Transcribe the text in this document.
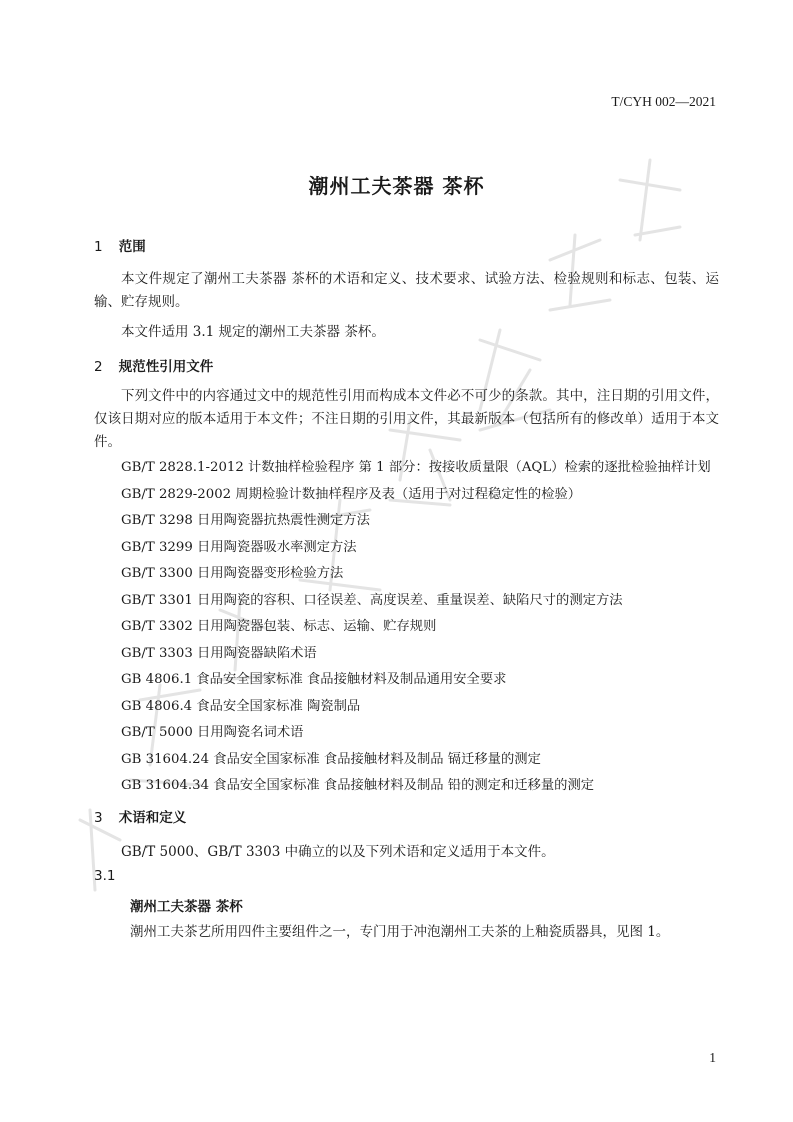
T/CYH 002—2021
潮州工夫茶器 茶杯
1 范围
本文件规定了潮州工夫茶器 茶杯的术语和定义、技术要求、试验方法、检验规则和标志、包装、运输、贮存规则。
本文件适用 3.1 规定的潮州工夫茶器 茶杯。
2 规范性引用文件
下列文件中的内容通过文中的规范性引用而构成本文件必不可少的条款。其中，注日期的引用文件，仅该日期对应的版本适用于本文件；不注日期的引用文件，其最新版本（包括所有的修改单）适用于本文件。
GB/T 2828.1-2012 计数抽样检验程序 第 1 部分：按接收质量限（AQL）检索的逐批检验抽样计划
GB/T 2829-2002 周期检验计数抽样程序及表（适用于对过程稳定性的检验）
GB/T 3298 日用陶瓷器抗热震性测定方法
GB/T 3299 日用陶瓷器吸水率测定方法
GB/T 3300 日用陶瓷器变形检验方法
GB/T 3301 日用陶瓷的容积、口径误差、高度误差、重量误差、缺陷尺寸的测定方法
GB/T 3302 日用陶瓷器包装、标志、运输、贮存规则
GB/T 3303 日用陶瓷器缺陷术语
GB 4806.1 食品安全国家标准 食品接触材料及制品通用安全要求
GB 4806.4 食品安全国家标准 陶瓷制品
GB/T 5000 日用陶瓷名词术语
GB 31604.24 食品安全国家标准 食品接触材料及制品 镉迁移量的测定
GB 31604.34 食品安全国家标准 食品接触材料及制品 铅的测定和迁移量的测定
3 术语和定义
GB/T 5000、GB/T 3303 中确立的以及下列术语和定义适用于本文件。
3.1
潮州工夫茶器 茶杯
潮州工夫茶艺所用四件主要组件之一，专门用于冲泡潮州工夫茶的上釉瓷质器具，见图 1。
1
